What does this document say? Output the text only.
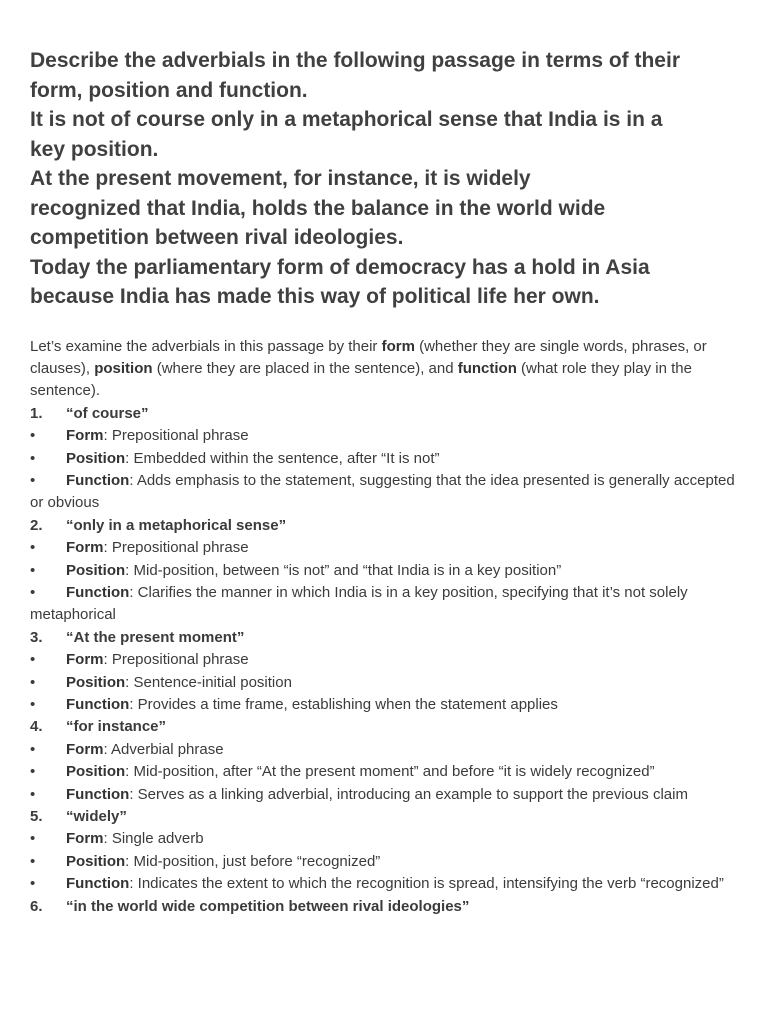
Describe the adverbials in the following passage in terms of their
form, position and function.
It is not of course only in a metaphorical sense that India is in a
key position.
At the present movement, for instance, it is widely
recognized that India, holds the balance in the world wide
competition between rival ideologies.
Today the parliamentary form of democracy has a hold in Asia
because India has made this way of political life her own.

Let’s examine the adverbials in this passage by their form (whether they are single words, phrases, or clauses), position (where they are placed in the sentence), and function (what role they play in the sentence).

1. “of course”
• Form: Prepositional phrase
• Position: Embedded within the sentence, after “It is not”
• Function: Adds emphasis to the statement, suggesting that the idea presented is generally accepted or obvious
2. “only in a metaphorical sense”
• Form: Prepositional phrase
• Position: Mid-position, between “is not” and “that India is in a key position”
• Function: Clarifies the manner in which India is in a key position, specifying that it’s not solely metaphorical
3. “At the present moment”
• Form: Prepositional phrase
• Position: Sentence-initial position
• Function: Provides a time frame, establishing when the statement applies
4. “for instance”
• Form: Adverbial phrase
• Position: Mid-position, after “At the present moment” and before “it is widely recognized”
• Function: Serves as a linking adverbial, introducing an example to support the previous claim
5. “widely”
• Form: Single adverb
• Position: Mid-position, just before “recognized”
• Function: Indicates the extent to which the recognition is spread, intensifying the verb “recognized”
6. “in the world wide competition between rival ideologies”
